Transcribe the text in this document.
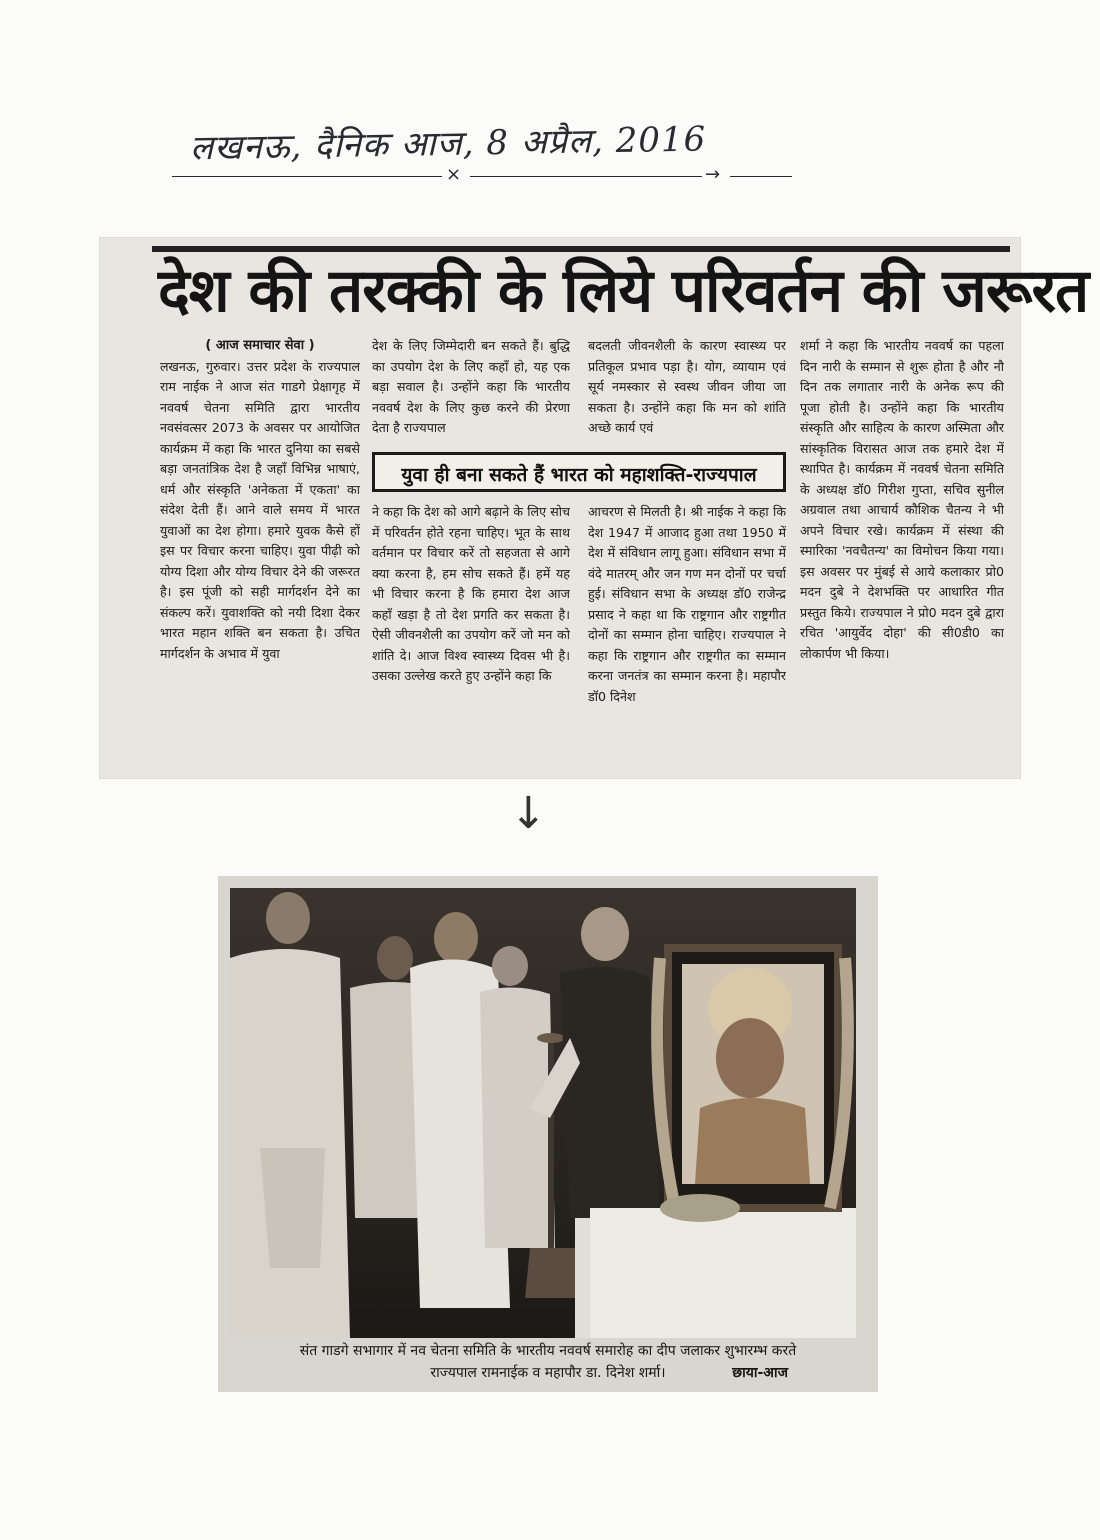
लखनऊ, दैनिक आज, 8 अप्रैल, 2016
×	→
देश की तरक्की के लिये परिवर्तन की जरूरत
( आज समाचार सेवा )
लखनऊ, गुरुवार। उत्तर प्रदेश के राज्यपाल राम नाईक ने आज संत गाडगे प्रेक्षागृह में नववर्ष चेतना समिति द्वारा भारतीय नवसंवत्सर 2073 के अवसर पर आयोजित कार्यक्रम में कहा कि भारत दुनिया का सबसे बड़ा जनतांत्रिक देश है जहाँ विभिन्न भाषाएं, धर्म और संस्कृति 'अनेकता में एकता' का संदेश देती हैं। आने वाले समय में भारत युवाओं का देश होगा। हमारे युवक कैसे हों इस पर विचार करना चाहिए। युवा पीढ़ी को योग्य दिशा और योग्य विचार देने की जरूरत है। इस पूंजी को सही मार्गदर्शन देने का संकल्प करें। युवाशक्ति को नयी दिशा देकर भारत महान शक्ति बन सकता है। उचित मार्गदर्शन के अभाव में युवा
देश के लिए जिम्मेदारी बन सकते हैं। बुद्धि का उपयोग देश के लिए कहाँ हो, यह एक बड़ा सवाल है। उन्होंने कहा कि भारतीय नववर्ष देश के लिए कुछ करने की प्रेरणा देता है राज्यपाल
बदलती जीवनशैली के कारण स्वास्थ्य पर प्रतिकूल प्रभाव पड़ा है। योग, व्यायाम एवं सूर्य नमस्कार से स्वस्थ जीवन जीया जा सकता है। उन्होंने कहा कि मन को शांति अच्छे कार्य एवं
युवा ही बना सकते हैं भारत को महाशक्ति-राज्यपाल
ने कहा कि देश को आगे बढ़ाने के लिए सोच में परिवर्तन होते रहना चाहिए। भूत के साथ वर्तमान पर विचार करें तो सहजता से आगे क्या करना है, हम सोच सकते हैं। हमें यह भी विचार करना है कि हमारा देश आज कहाँ खड़ा है तो देश प्रगति कर सकता है। ऐसी जीवनशैली का उपयोग करें जो मन को शांति दे। आज विश्व स्वास्थ्य दिवस भी है। उसका उल्लेख करते हुए उन्होंने कहा कि
आचरण से मिलती है। श्री नाईक ने कहा कि देश 1947 में आजाद हुआ तथा 1950 में देश में संविधान लागू हुआ। संविधान सभा में वंदे मातरम् और जन गण मन दोनों पर चर्चा हुई। संविधान सभा के अध्यक्ष डॉ0 राजेन्द्र प्रसाद ने कहा था कि राष्ट्रगान और राष्ट्रगीत दोनों का सम्मान होना चाहिए। राज्यपाल ने कहा कि राष्ट्रगान और राष्ट्रगीत का सम्मान करना जनतंत्र का सम्मान करना है। महापौर डॉ0 दिनेश
शर्मा ने कहा कि भारतीय नववर्ष का पहला दिन नारी के सम्मान से शुरू होता है और नौ दिन तक लगातार नारी के अनेक रूप की पूजा होती है। उन्होंने कहा कि भारतीय संस्कृति और साहित्य के कारण अस्मिता और सांस्कृतिक विरासत आज तक हमारे देश में स्थापित है। कार्यक्रम में नववर्ष चेतना समिति के अध्यक्ष डॉ0 गिरीश गुप्ता, सचिव सुनील अग्रवाल तथा आचार्य कौशिक चैतन्य ने भी अपने विचार रखे। कार्यक्रम में संस्था की स्मारिका 'नवचैतन्य' का विमोचन किया गया। इस अवसर पर मुंबई से आये कलाकार प्रो0 मदन दुबे ने देशभक्ति पर आधारित गीत प्रस्तुत किये। राज्यपाल ने प्रो0 मदन दुबे द्वारा रचित 'आयुर्वेद दोहा' की सी0डी0 का लोकार्पण भी किया।
↓
संत गाडगे सभागार में नव चेतना समिति के भारतीय नववर्ष समारोह का दीप जलाकर शुभारम्भ करते
राज्यपाल रामनाईक व महापौर डा. दिनेश शर्मा।	छाया-आज
